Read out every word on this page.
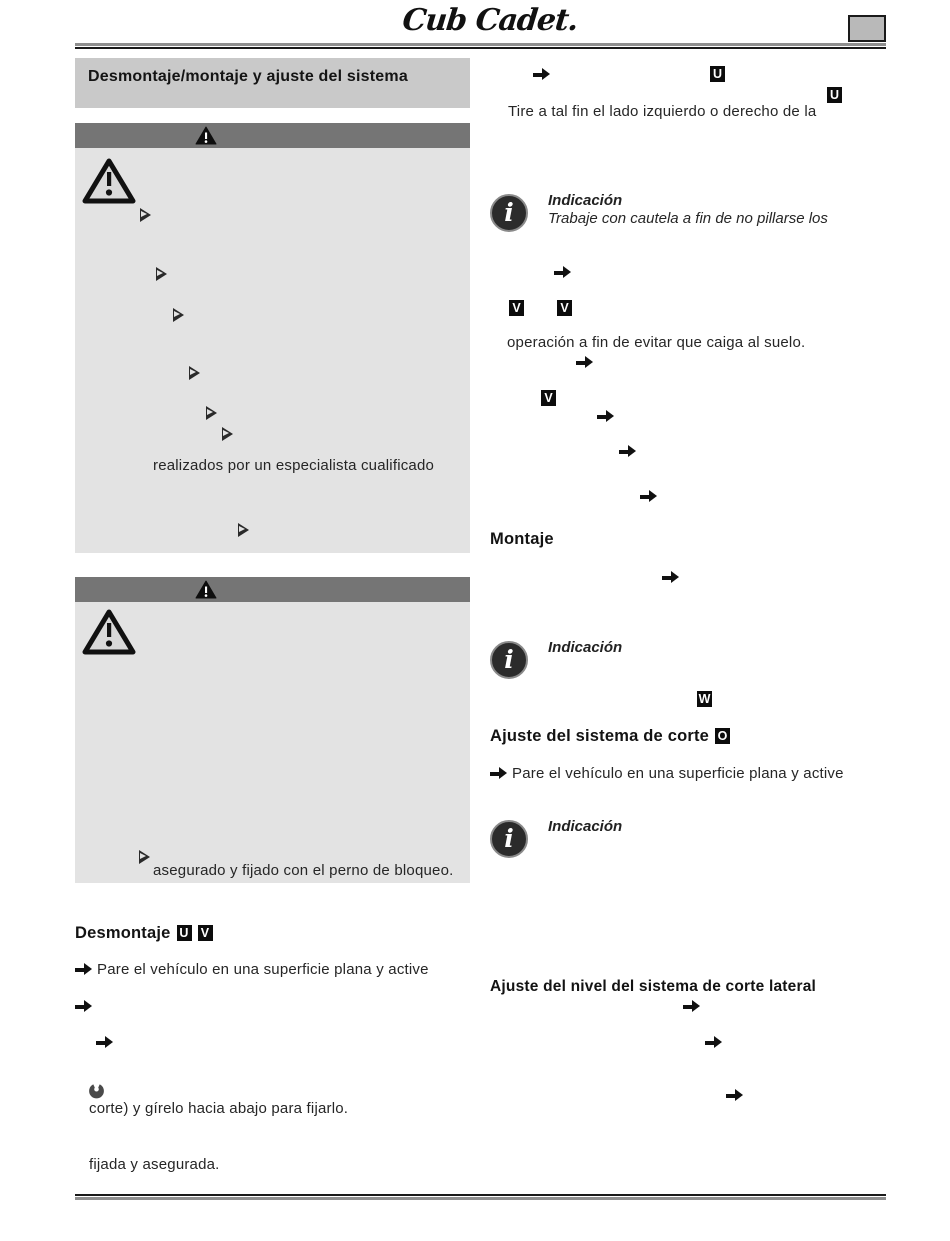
Cub Cadet.
Desmontaje/montaje y ajuste del sistema

realizados por un especialista cualificado
asegurado y fijado con el perno de bloqueo.
Desmontaje U V
Pare el vehículo en una superficie plana y active

corte) y gírelo hacia abajo para fijarlo.
fijada y asegurada.

U
U
Tire a tal fin el lado izquierdo o derecho de la
i	Indicación
Trabaje con cautela a fin de no pillarse los

V	V
operación a fin de evitar que caiga al suelo.

V

Montaje

i	Indicación
W
Ajuste del sistema de corte O
Pare el vehículo en una superficie plana y active
i	Indicación
Ajuste del nivel del sistema de corte lateral
